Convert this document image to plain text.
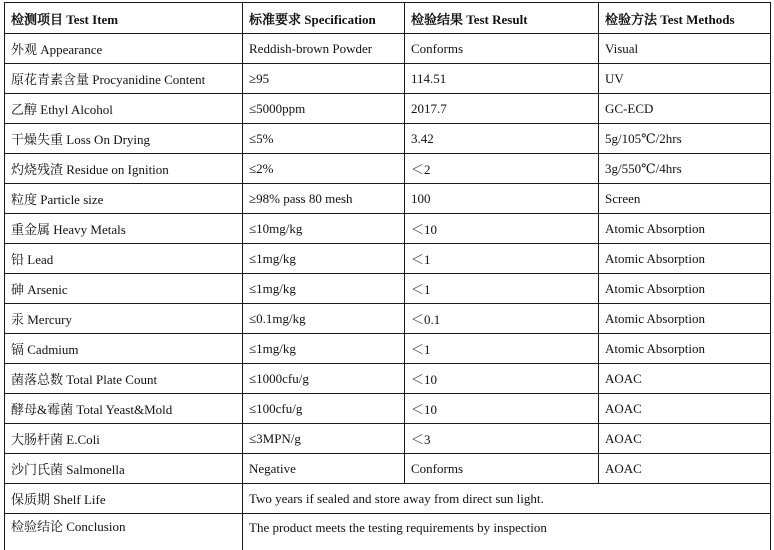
检测项目 Test Item	标准要求 Specification	检验结果 Test Result	检验方法 Test Methods
外观 Appearance	Reddish-brown Powder	Conforms	Visual
原花青素含量 Procyanidine Content	≥95	114.51	UV
乙醇 Ethyl Alcohol	≤5000ppm	2017.7	GC-ECD
干燥失重 Loss On Drying	≤5%	3.42	5g/105℃/2hrs
灼烧残渣 Residue on Ignition	≤2%	＜2	3g/550℃/4hrs
粒度 Particle size	≥98% pass 80 mesh	100	Screen
重金属 Heavy Metals	≤10mg/kg	＜10	Atomic Absorption
铅 Lead	≤1mg/kg	＜1	Atomic Absorption
砷 Arsenic	≤1mg/kg	＜1	Atomic Absorption
汞 Mercury	≤0.1mg/kg	＜0.1	Atomic Absorption
镉 Cadmium	≤1mg/kg	＜1	Atomic Absorption
菌落总数 Total Plate Count	≤1000cfu/g	＜10	AOAC
酵母&霉菌 Total Yeast&Mold	≤100cfu/g	＜10	AOAC
大肠杆菌 E.Coli	≤3MPN/g	＜3	AOAC
沙门氏菌 Salmonella	Negative	Conforms	AOAC
保质期 Shelf Life	Two years if sealed and store away from direct sun light.		
检验结论 Conclusion	The product meets the testing requirements by inspection		
